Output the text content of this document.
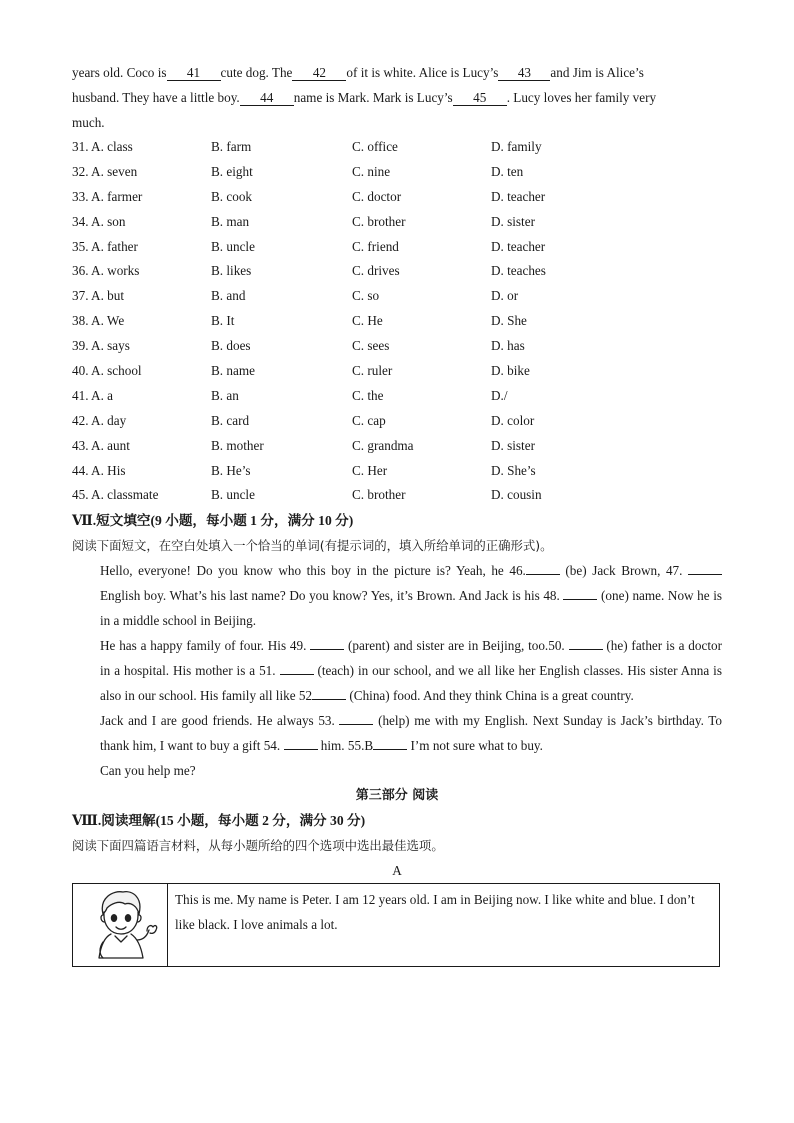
years old. Coco is 41 cute dog. The 42 of it is white. Alice is Lucy’s 43 and Jim is Alice’s
husband. They have a little boy. 44 name is Mark. Mark is Lucy’s 45 . Lucy loves her family very
much.
31. A. class	B. farm	C. office	D. family
32. A. seven	B. eight	C. nine	D. ten
33. A. farmer	B. cook	C. doctor	D. teacher
34. A. son	B. man	C. brother	D. sister
35. A. father	B. uncle	C. friend	D. teacher
36. A. works	B. likes	C. drives	D. teaches
37. A. but	B. and	C. so	D. or
38. A. We	B. It	C. He	D. She
39. A. says	B. does	C. sees	D. has
40. A. school	B. name	C. ruler	D. bike
41. A. a	B. an	C. the	D./
42. A. day	B. card	C. cap	D. color
43. A. aunt	B. mother	C. grandma	D. sister
44. A. His	B. He’s	C. Her	D. She’s
45. A. classmate	B. uncle	C. brother	D. cousin
Ⅶ.短文填空(9 小题，每小题 1 分，满分 10 分)
阅读下面短文，在空白处填入一个恰当的单词(有提示词的，填入所给单词的正确形式)。
Hello, everyone! Do you know who this boy in the picture is? Yeah, he 46.	(be) Jack Brown, 47.  English boy. What’s his last name? Do you know? Yes, it’s Brown. And Jack is his 48.	(one) name. Now he is in a middle school in Beijing.
He has a happy family of four. His 49.	(parent) and sister are in Beijing, too.50.	(he) father is a doctor in a hospital. His mother is a 51.	(teach) in our school, and we all like her English classes. His sister Anna is also in our school. His family all like 52	(China) food. And they think China is a great country.
Jack and I are good friends. He always 53.	(help) me with my English. Next Sunday is Jack’s birthday. To thank him, I want to buy a gift 54.	him. 55.B	I’m not sure what to buy.
Can you help me?
第三部分 阅读
Ⅷ.阅读理解(15 小题，每小题 2 分，满分 30 分)
阅读下面四篇语言材料，从每小题所给的四个选项中选出最佳选项。
A
This is me. My name is Peter. I am 12 years old. I am in Beijing now. I like white and blue. I don’t like black. I love animals a lot.
